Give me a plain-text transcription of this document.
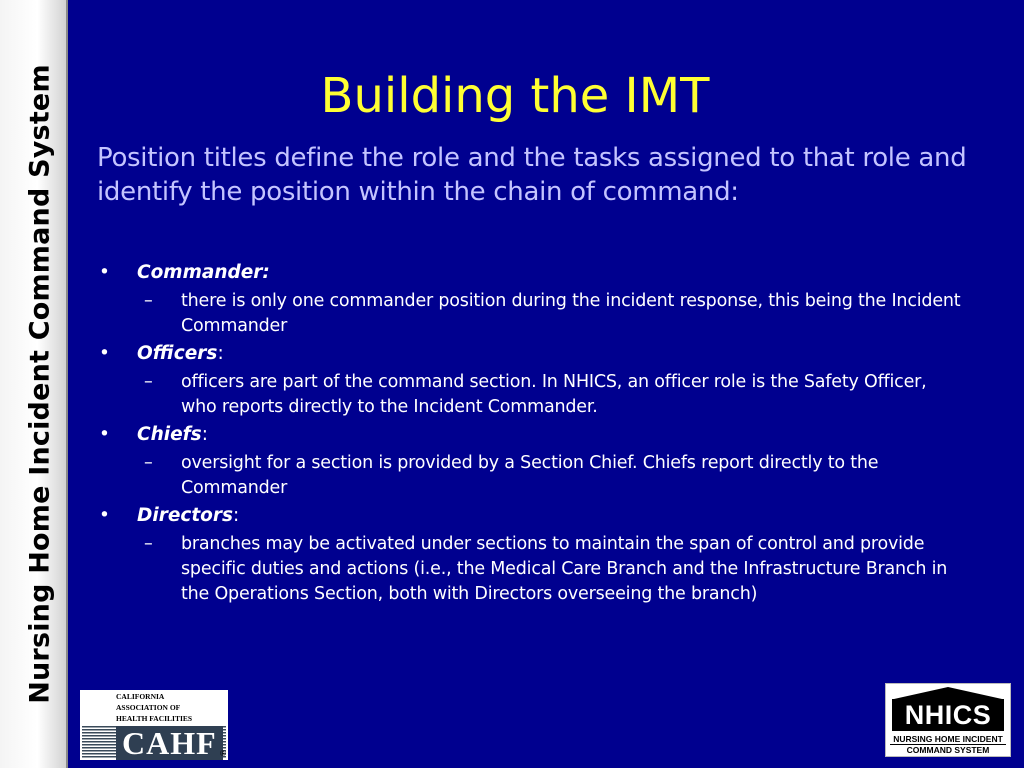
Nursing Home Incident Command System	Building the IMT
Position titles define the role and the tasks assigned to that role and identify the position within the chain of command:
• Commander:
– there is only one commander position during the incident response, this being the Incident Commander
• Officers:
– officers are part of the command section. In NHICS, an officer role is the Safety Officer, who reports directly to the Incident Commander.
• Chiefs:
– oversight for a section is provided by a Section Chief. Chiefs report directly to the Commander
• Directors:
– branches may be activated under sections to maintain the span of control and provide specific duties and actions (i.e., the Medical Care Branch and the Infrastructure Branch in the Operations Section, both with Directors overseeing the branch)
CALIFORNIA
ASSOCIATION OF
HEALTH FACILITIES
CAHF ®
NHICS
NURSING HOME INCIDENT
COMMAND SYSTEM
